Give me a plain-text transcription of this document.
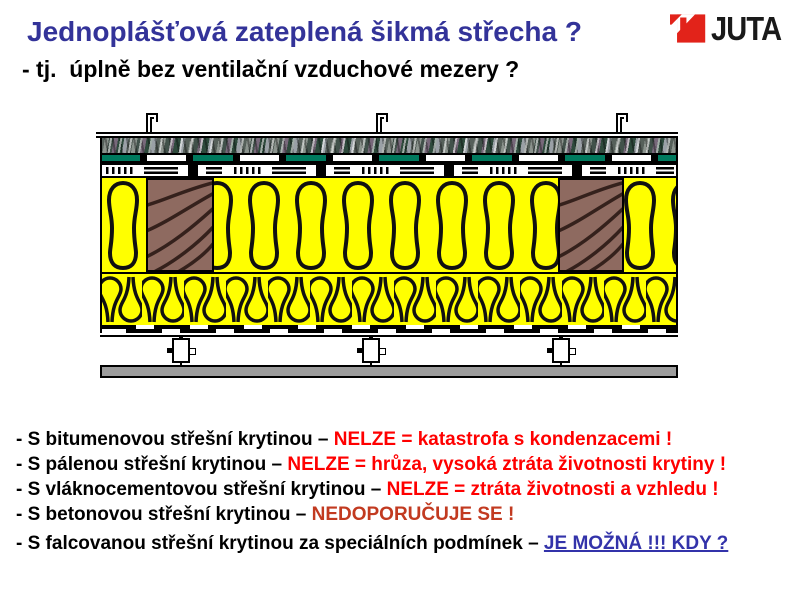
Jednoplášťová zateplená šikmá střecha ?	JUTA
- tj.  úplně bez ventilační vzduchové mezery ?
- S bitumenovou střešní krytinou – NELZE = katastrofa s kondenzacemi !
- S pálenou střešní krytinou – NELZE = hrůza, vysoká ztráta životnosti krytiny !
- S vláknocementovou střešní krytinou – NELZE = ztráta životnosti a vzhledu !
- S betonovou střešní krytinou – NEDOPORUČUJE SE !
- S falcovanou střešní krytinou za speciálních podmínek – JE MOŽNÁ !!! KDY ?
